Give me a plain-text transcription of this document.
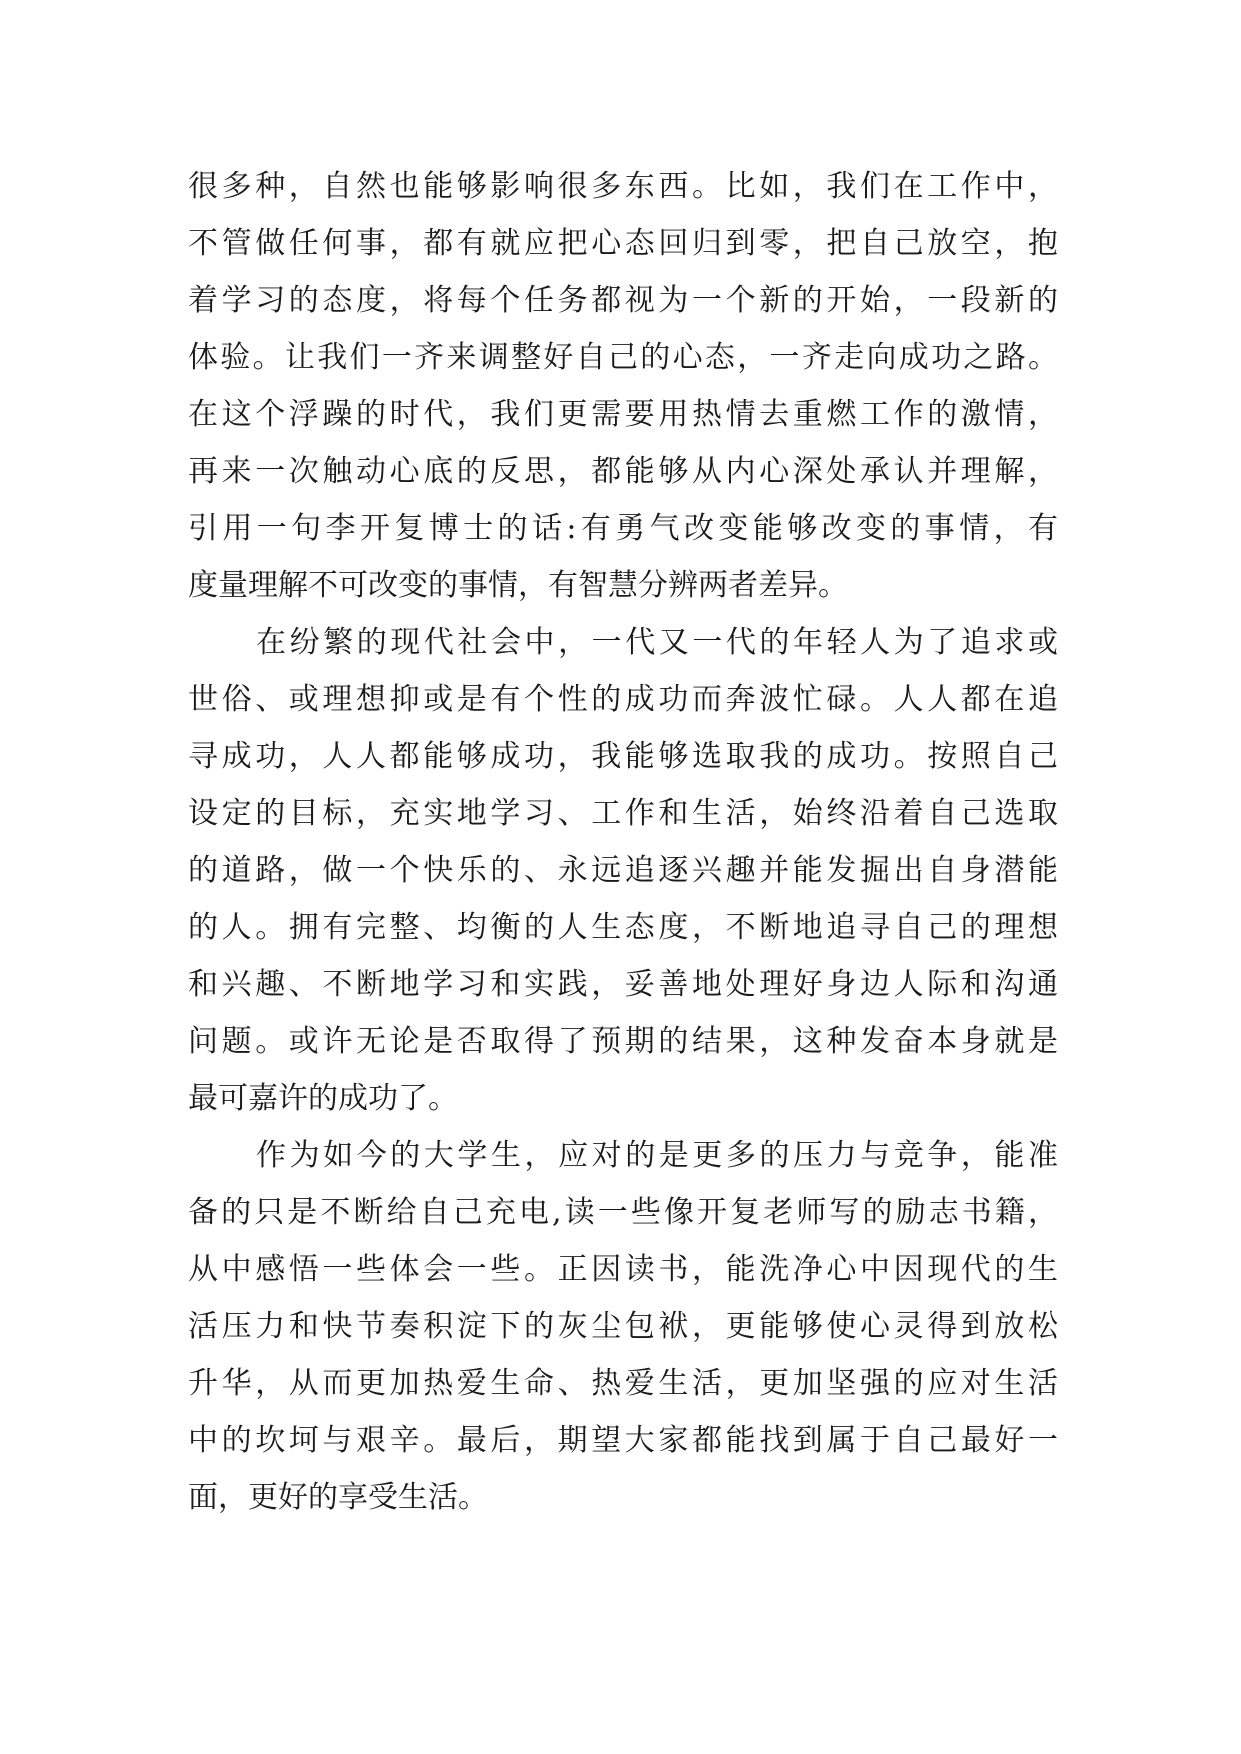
很多种，自然也能够影响很多东西。比如，我们在工作中，
不管做任何事，都有就应把心态回归到零，把自己放空，抱
着学习的态度，将每个任务都视为一个新的开始，一段新的
体验。让我们一齐来调整好自己的心态，一齐走向成功之路。
在这个浮躁的时代，我们更需要用热情去重燃工作的激情，
再来一次触动心底的反思，都能够从内心深处承认并理解，
引用一句李开复博士的话:有勇气改变能够改变的事情，有
度量理解不可改变的事情，有智慧分辨两者差异。
在纷繁的现代社会中，一代又一代的年轻人为了追求或
世俗、或理想抑或是有个性的成功而奔波忙碌。人人都在追
寻成功，人人都能够成功，我能够选取我的成功。按照自己
设定的目标，充实地学习、工作和生活，始终沿着自己选取
的道路，做一个快乐的、永远追逐兴趣并能发掘出自身潜能
的人。拥有完整、均衡的人生态度，不断地追寻自己的理想
和兴趣、不断地学习和实践，妥善地处理好身边人际和沟通
问题。或许无论是否取得了预期的结果，这种发奋本身就是
最可嘉许的成功了。
作为如今的大学生，应对的是更多的压力与竞争，能准
备的只是不断给自己充电,读一些像开复老师写的励志书籍，
从中感悟一些体会一些。正因读书，能洗净心中因现代的生
活压力和快节奏积淀下的灰尘包袱，更能够使心灵得到放松
升华，从而更加热爱生命、热爱生活，更加坚强的应对生活
中的坎坷与艰辛。最后，期望大家都能找到属于自己最好一
面，更好的享受生活。
